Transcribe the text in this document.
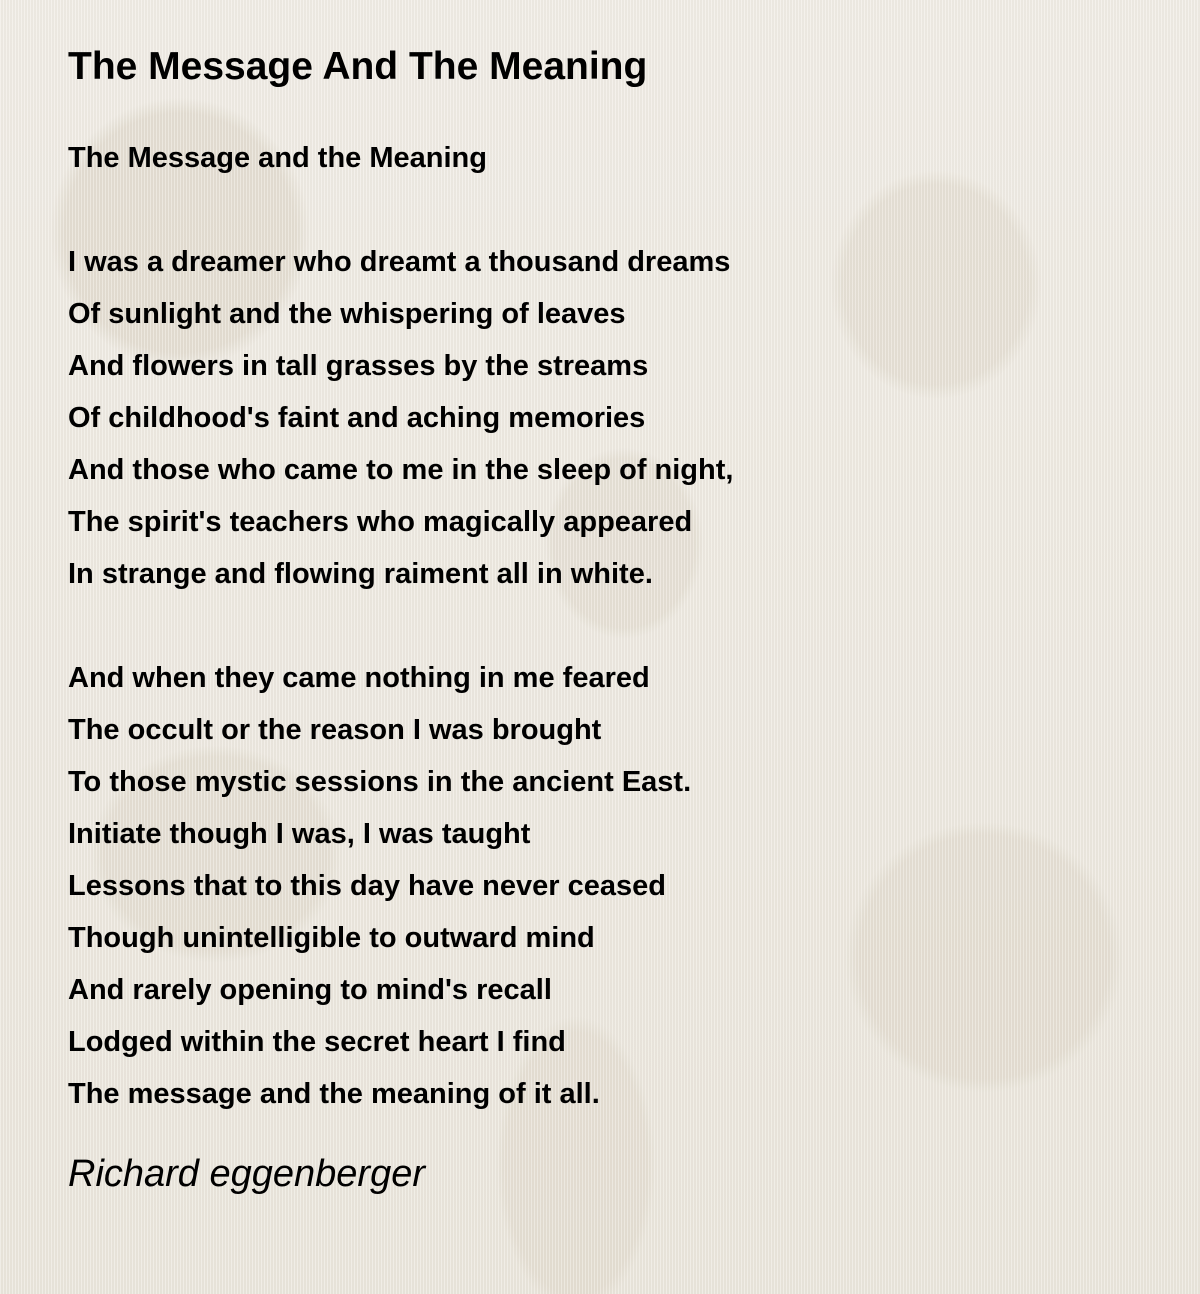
The Message And The Meaning
The Message and the Meaning
I was a dreamer who dreamt a thousand dreams
Of sunlight and the whispering of leaves
And flowers in tall grasses by the streams
Of childhood's faint and aching memories
And those who came to me in the sleep of night,
The spirit's teachers who magically appeared
In strange and flowing raiment all in white.
And when they came nothing in me feared
The occult or the reason I was brought
To those mystic sessions in the ancient East.
Initiate though I was, I was taught
Lessons that to this day have never ceased
Though unintelligible to outward mind
And rarely opening to mind's recall
Lodged within the secret heart I find
The message and the meaning of it all.
Richard eggenberger
